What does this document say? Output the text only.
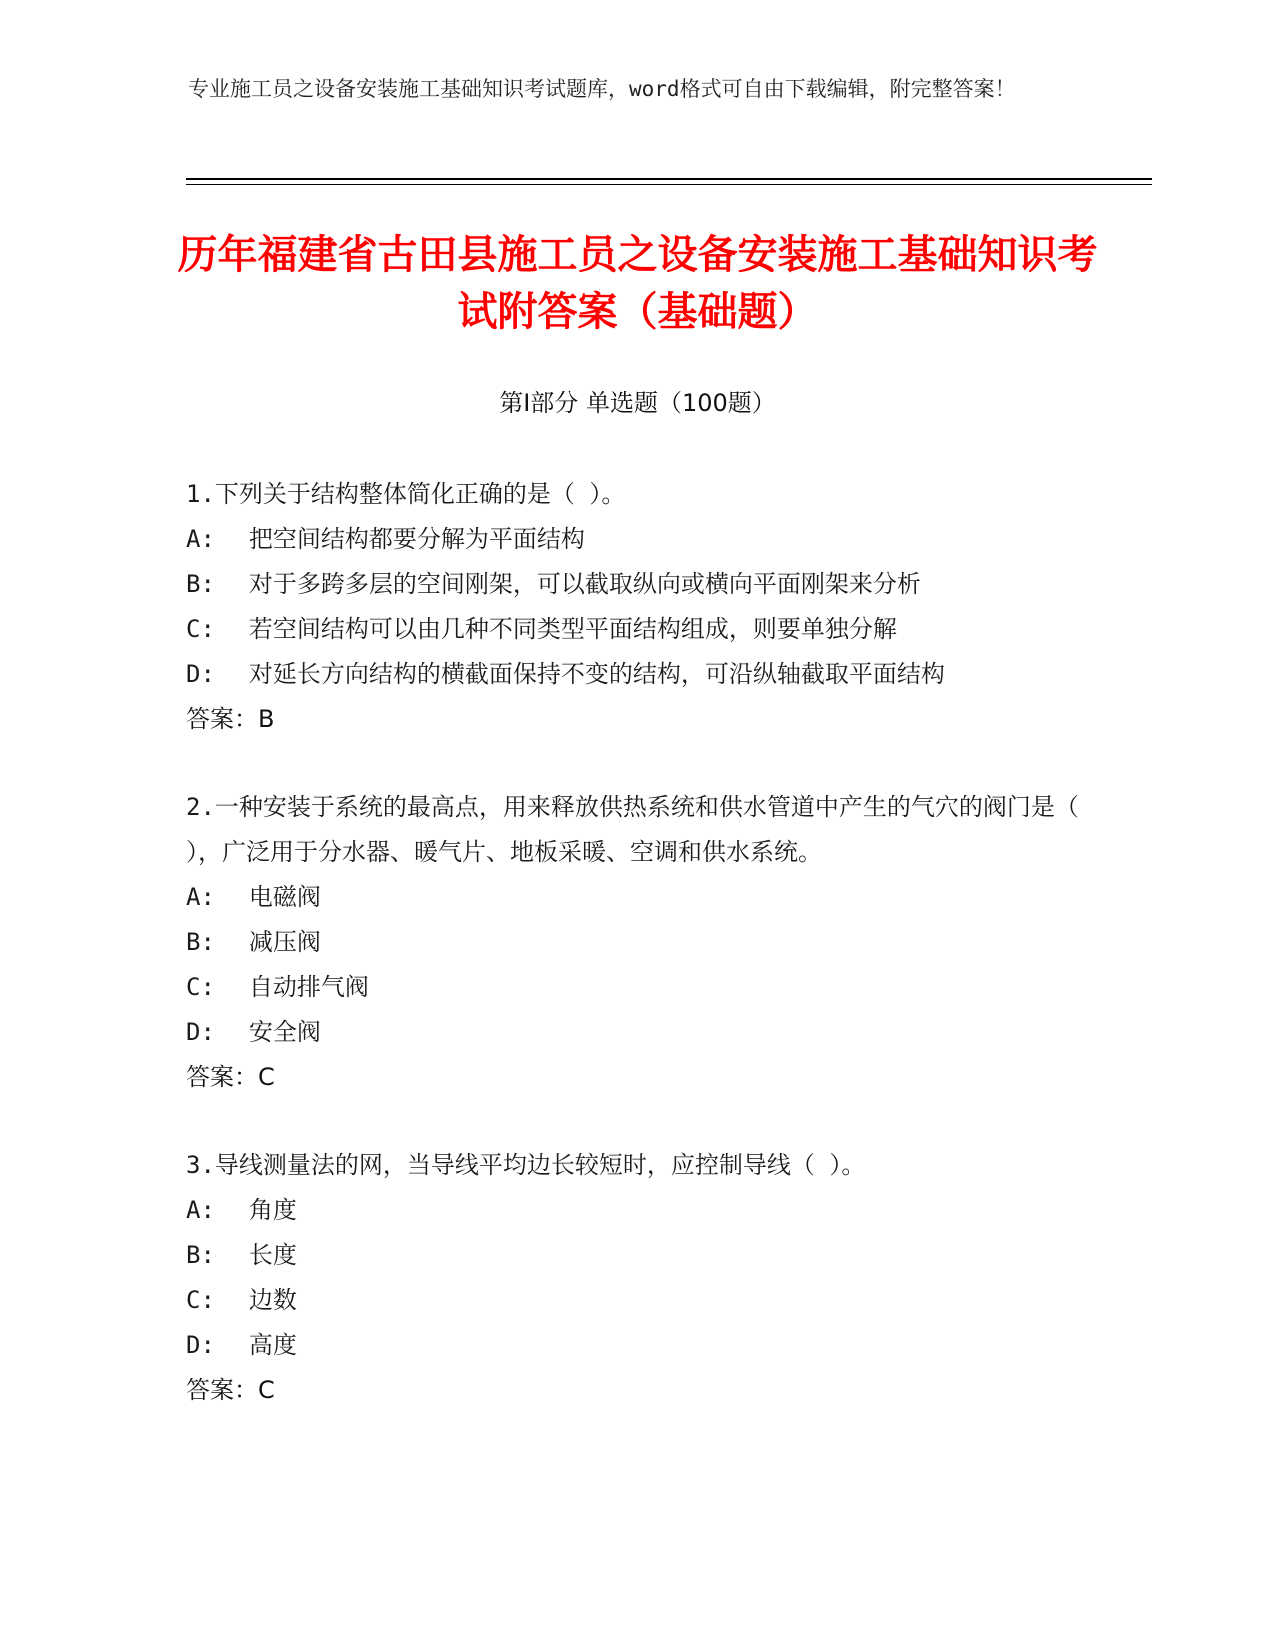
专业施工员之设备安装施工基础知识考试题库，word格式可自由下载编辑，附完整答案！
历年福建省古田县施工员之设备安装施工基础知识考试附答案（基础题）
第Ⅰ部分 单选题（100题）
1.下列关于结构整体简化正确的是（ ）。
A: 把空间结构都要分解为平面结构
B: 对于多跨多层的空间刚架，可以截取纵向或横向平面刚架来分析
C: 若空间结构可以由几种不同类型平面结构组成，则要单独分解
D: 对延长方向结构的横截面保持不变的结构，可沿纵轴截取平面结构
答案：B
2.一种安装于系统的最高点，用来释放供热系统和供水管道中产生的气穴的阀门是（ ），广泛用于分水器、暖气片、地板采暖、空调和供水系统。
A: 电磁阀
B: 减压阀
C: 自动排气阀
D: 安全阀
答案：C
3.导线测量法的网，当导线平均边长较短时，应控制导线（ ）。
A: 角度
B: 长度
C: 边数
D: 高度
答案：C
